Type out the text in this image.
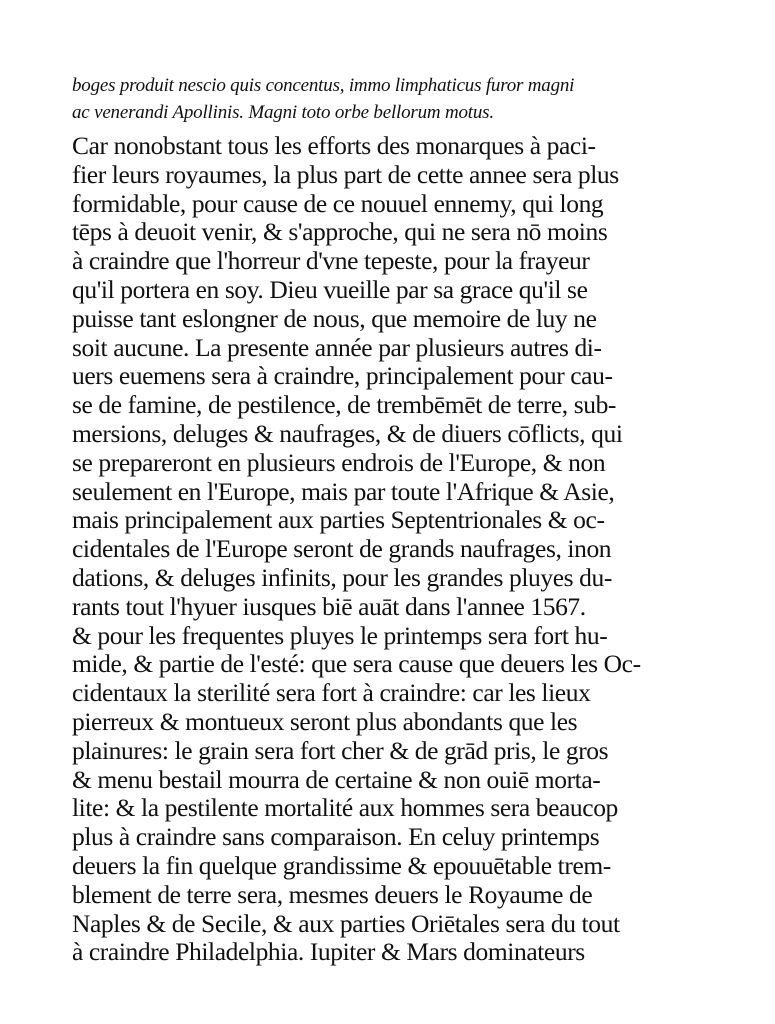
boges produit nescio quis concentus, immo limphaticus furor magni
ac venerandi Apollinis. Magni toto orbe bellorum motus.
Car nonobstant tous les efforts des monarques à paci-
fier leurs royaumes, la plus part de cette annee sera plus
formidable, pour cause de ce nouuel ennemy, qui long
tēps à deuoit venir, & s'approche, qui ne sera nō moins
à craindre que l'horreur d'vne tepeste, pour la frayeur
qu'il portera en soy. Dieu vueille par sa grace qu'il se
puisse tant eslongner de nous, que memoire de luy ne
soit aucune. La presente année par plusieurs autres di-
uers euemens sera à craindre, principalement pour cau-
se de famine, de pestilence, de trembēmēt de terre, sub-
mersions, deluges & naufrages, & de diuers cōflicts, qui
se prepareront en plusieurs endrois de l'Europe, & non
seulement en l'Europe, mais par toute l'Afrique & Asie,
mais principalement aux parties Septentrionales & oc-
cidentales de l'Europe seront de grands naufrages, inon
dations, & deluges infinits, pour les grandes pluyes du-
rants tout l'hyuer iusques biē auāt dans l'annee 1567.
& pour les frequentes pluyes le printemps sera fort hu-
mide, & partie de l'esté: que sera cause que deuers les Oc-
cidentaux la sterilité sera fort à craindre: car les lieux
pierreux & montueux seront plus abondants que les
plainures: le grain sera fort cher & de grād pris, le gros
& menu bestail mourra de certaine & non ouiē morta-
lite: & la pestilente mortalité aux hommes sera beaucop
plus à craindre sans comparaison. En celuy printemps
deuers la fin quelque grandissime & epouuētable trem-
blement de terre sera, mesmes deuers le Royaume de
Naples & de Secile, & aux parties Oriētales sera du tout
à craindre Philadelphia. Iupiter & Mars dominateurs
